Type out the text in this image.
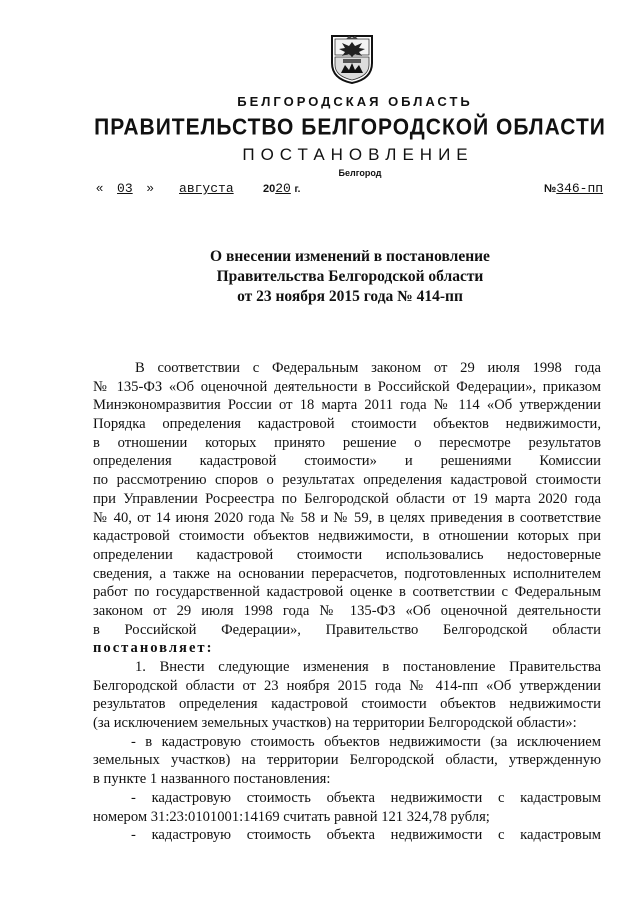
БЕЛГОРОДСКАЯ ОБЛАСТЬ
ПРАВИТЕЛЬСТВО БЕЛГОРОДСКОЙ ОБЛАСТИ
ПОСТАНОВЛЕНИЕ
Белгород
« 03 » августа	2020 г.	№346-пп
О внесении изменений в постановление
Правительства Белгородской области
от 23 ноября 2015 года № 414-пп
В соответствии с Федеральным законом от 29 июля 1998 года
№ 135-ФЗ «Об оценочной деятельности в Российской Федерации», приказом
Минэкономразвития России от 18 марта 2011 года № 114 «Об утверждении
Порядка определения кадастровой стоимости объектов недвижимости,
в отношении которых принято решение о пересмотре результатов
определения кадастровой стоимости» и решениями Комиссии
по рассмотрению споров о результатах определения кадастровой стоимости
при Управлении Росреестра по Белгородской области от 19 марта 2020 года
№ 40, от 14 июня 2020 года № 58 и № 59, в целях приведения в соответствие
кадастровой стоимости объектов недвижимости, в отношении которых при
определении кадастровой стоимости использовались недостоверные
сведения, а также на основании перерасчетов, подготовленных исполнителем
работ по государственной кадастровой оценке в соответствии с Федеральным
законом от 29 июля 1998 года № 135-ФЗ «Об оценочной деятельности
в Российской Федерации», Правительство Белгородской области
постановляет:
1. Внести следующие изменения в постановление Правительства
Белгородской области от 23 ноября 2015 года № 414-пп «Об утверждении
результатов определения кадастровой стоимости объектов недвижимости
(за исключением земельных участков) на территории Белгородской области»:
- в кадастровую стоимость объектов недвижимости (за исключением
земельных участков) на территории Белгородской области, утвержденную
в пункте 1 названного постановления:
- кадастровую стоимость объекта недвижимости с кадастровым
номером 31:23:0101001:14169 считать равной 121 324,78 рубля;
- кадастровую стоимость объекта недвижимости с кадастровым
